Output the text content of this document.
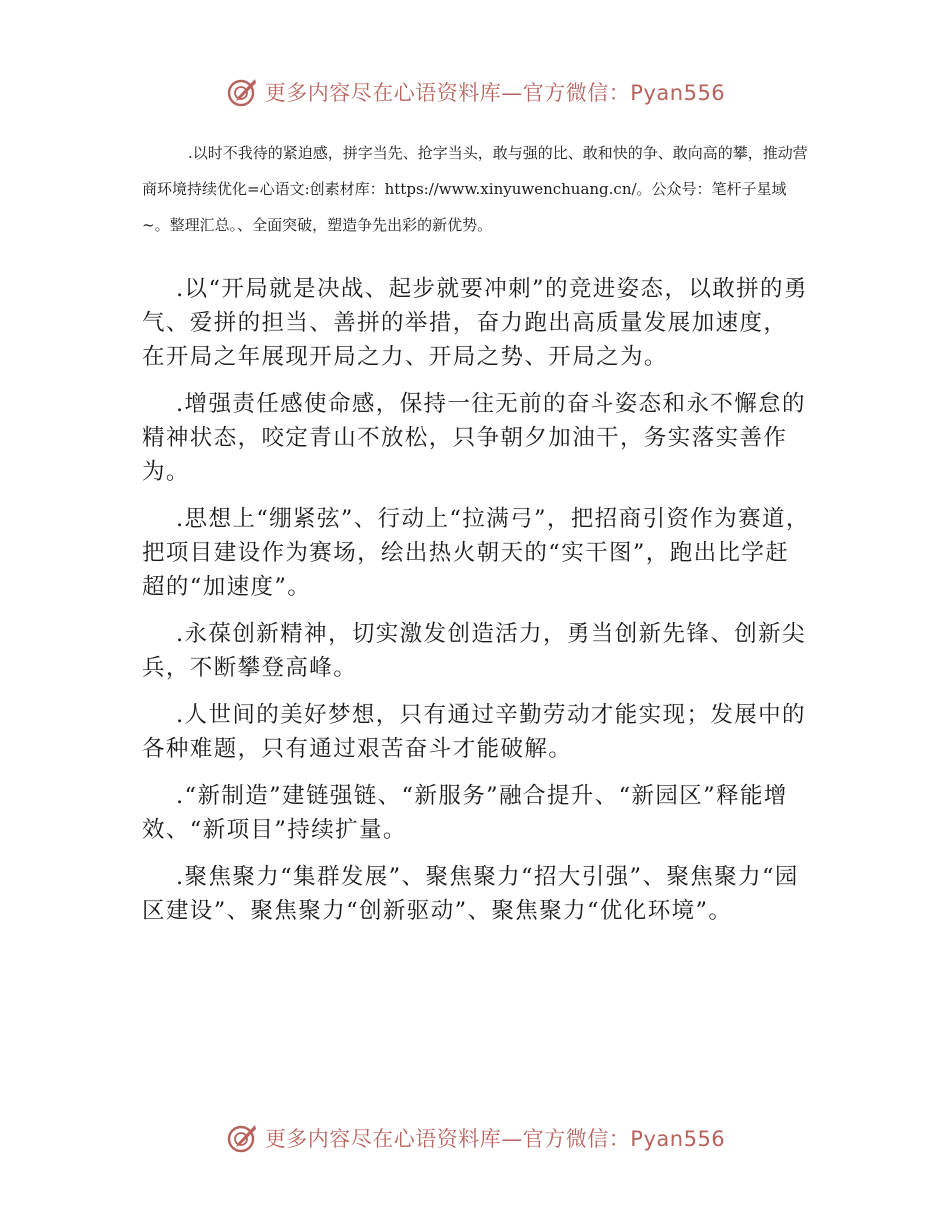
更多内容尽在心语资料库—官方微信：Pyan556

.以时不我待的紧迫感，拼字当先、抢字当头，敢与强的比、敢和快的争、敢向高的攀，推动营商环境持续优化=心语文:创素材库：https://www.xinyuwenchuang.cn/。公众号：笔杆子星域~。整理汇总。、全面突破，塑造争先出彩的新优势。

.以“开局就是决战、起步就要冲刺”的竞进姿态，以敢拼的勇气、爱拼的担当、善拼的举措，奋力跑出高质量发展加速度，在开局之年展现开局之力、开局之势、开局之为。

.增强责任感使命感，保持一往无前的奋斗姿态和永不懈怠的精神状态，咬定青山不放松，只争朝夕加油干，务实落实善作为。

.思想上“绷紧弦”、行动上“拉满弓”，把招商引资作为赛道，把项目建设作为赛场，绘出热火朝天的“实干图”，跑出比学赶超的“加速度”。

.永葆创新精神，切实激发创造活力，勇当创新先锋、创新尖兵，不断攀登高峰。

.人世间的美好梦想，只有通过辛勤劳动才能实现；发展中的各种难题，只有通过艰苦奋斗才能破解。

.“新制造”建链强链、“新服务”融合提升、“新园区”释能增效、“新项目”持续扩量。

.聚焦聚力“集群发展”、聚焦聚力“招大引强”、聚焦聚力“园区建设”、聚焦聚力“创新驱动”、聚焦聚力“优化环境”。

更多内容尽在心语资料库—官方微信：Pyan556
